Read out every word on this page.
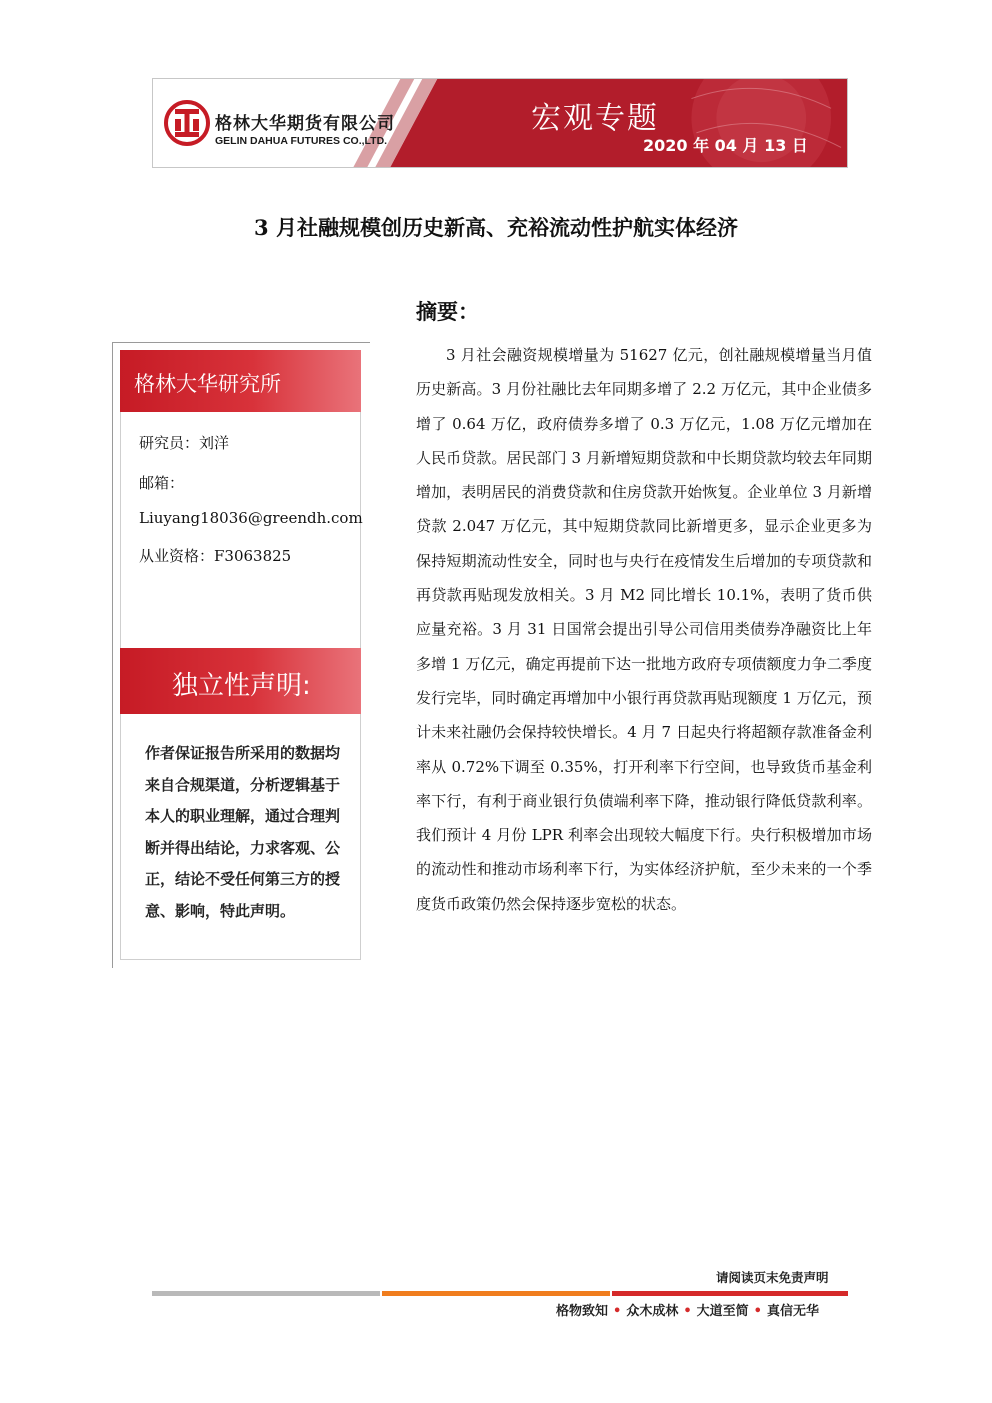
格林大华期货有限公司
GELIN DAHUA FUTURES CO.,LTD.
宏观专题
2020 年 04 月 13 日
3 月社融规模创历史新高、充裕流动性护航实体经济
格林大华研究所
研究员：刘洋
邮箱：
Liuyang18036@greendh.com
从业资格：F3063825
独立性声明:
作者保证报告所采用的数据均来自合规渠道，分析逻辑基于本人的职业理解，通过合理判断并得出结论，力求客观、公正，结论不受任何第三方的授意、影响，特此声明。
摘要：
3 月社会融资规模增量为 51627 亿元，创社融规模增量当月值历史新高。3 月份社融比去年同期多增了 2.2 万亿元，其中企业债多增了 0.64 万亿，政府债券多增了 0.3 万亿元，1.08 万亿元增加在人民币贷款。居民部门 3 月新增短期贷款和中长期贷款均较去年同期增加，表明居民的消费贷款和住房贷款开始恢复。企业单位 3 月新增贷款 2.047 万亿元，其中短期贷款同比新增更多，显示企业更多为保持短期流动性安全，同时也与央行在疫情发生后增加的专项贷款和再贷款再贴现发放相关。3 月 M2 同比增长 10.1%，表明了货币供应量充裕。3 月 31 日国常会提出引导公司信用类债券净融资比上年多增 1 万亿元，确定再提前下达一批地方政府专项债额度力争二季度发行完毕，同时确定再增加中小银行再贷款再贴现额度 1 万亿元，预计未来社融仍会保持较快增长。4 月 7 日起央行将超额存款准备金利率从 0.72%下调至 0.35%，打开利率下行空间，也导致货币基金利率下行，有利于商业银行负债端利率下降，推动银行降低贷款利率。我们预计 4 月份 LPR 利率会出现较大幅度下行。央行积极增加市场的流动性和推动市场利率下行，为实体经济护航，至少未来的一个季度货币政策仍然会保持逐步宽松的状态。
请阅读页末免责声明
格物致知 • 众木成林 • 大道至简 • 真信无华
